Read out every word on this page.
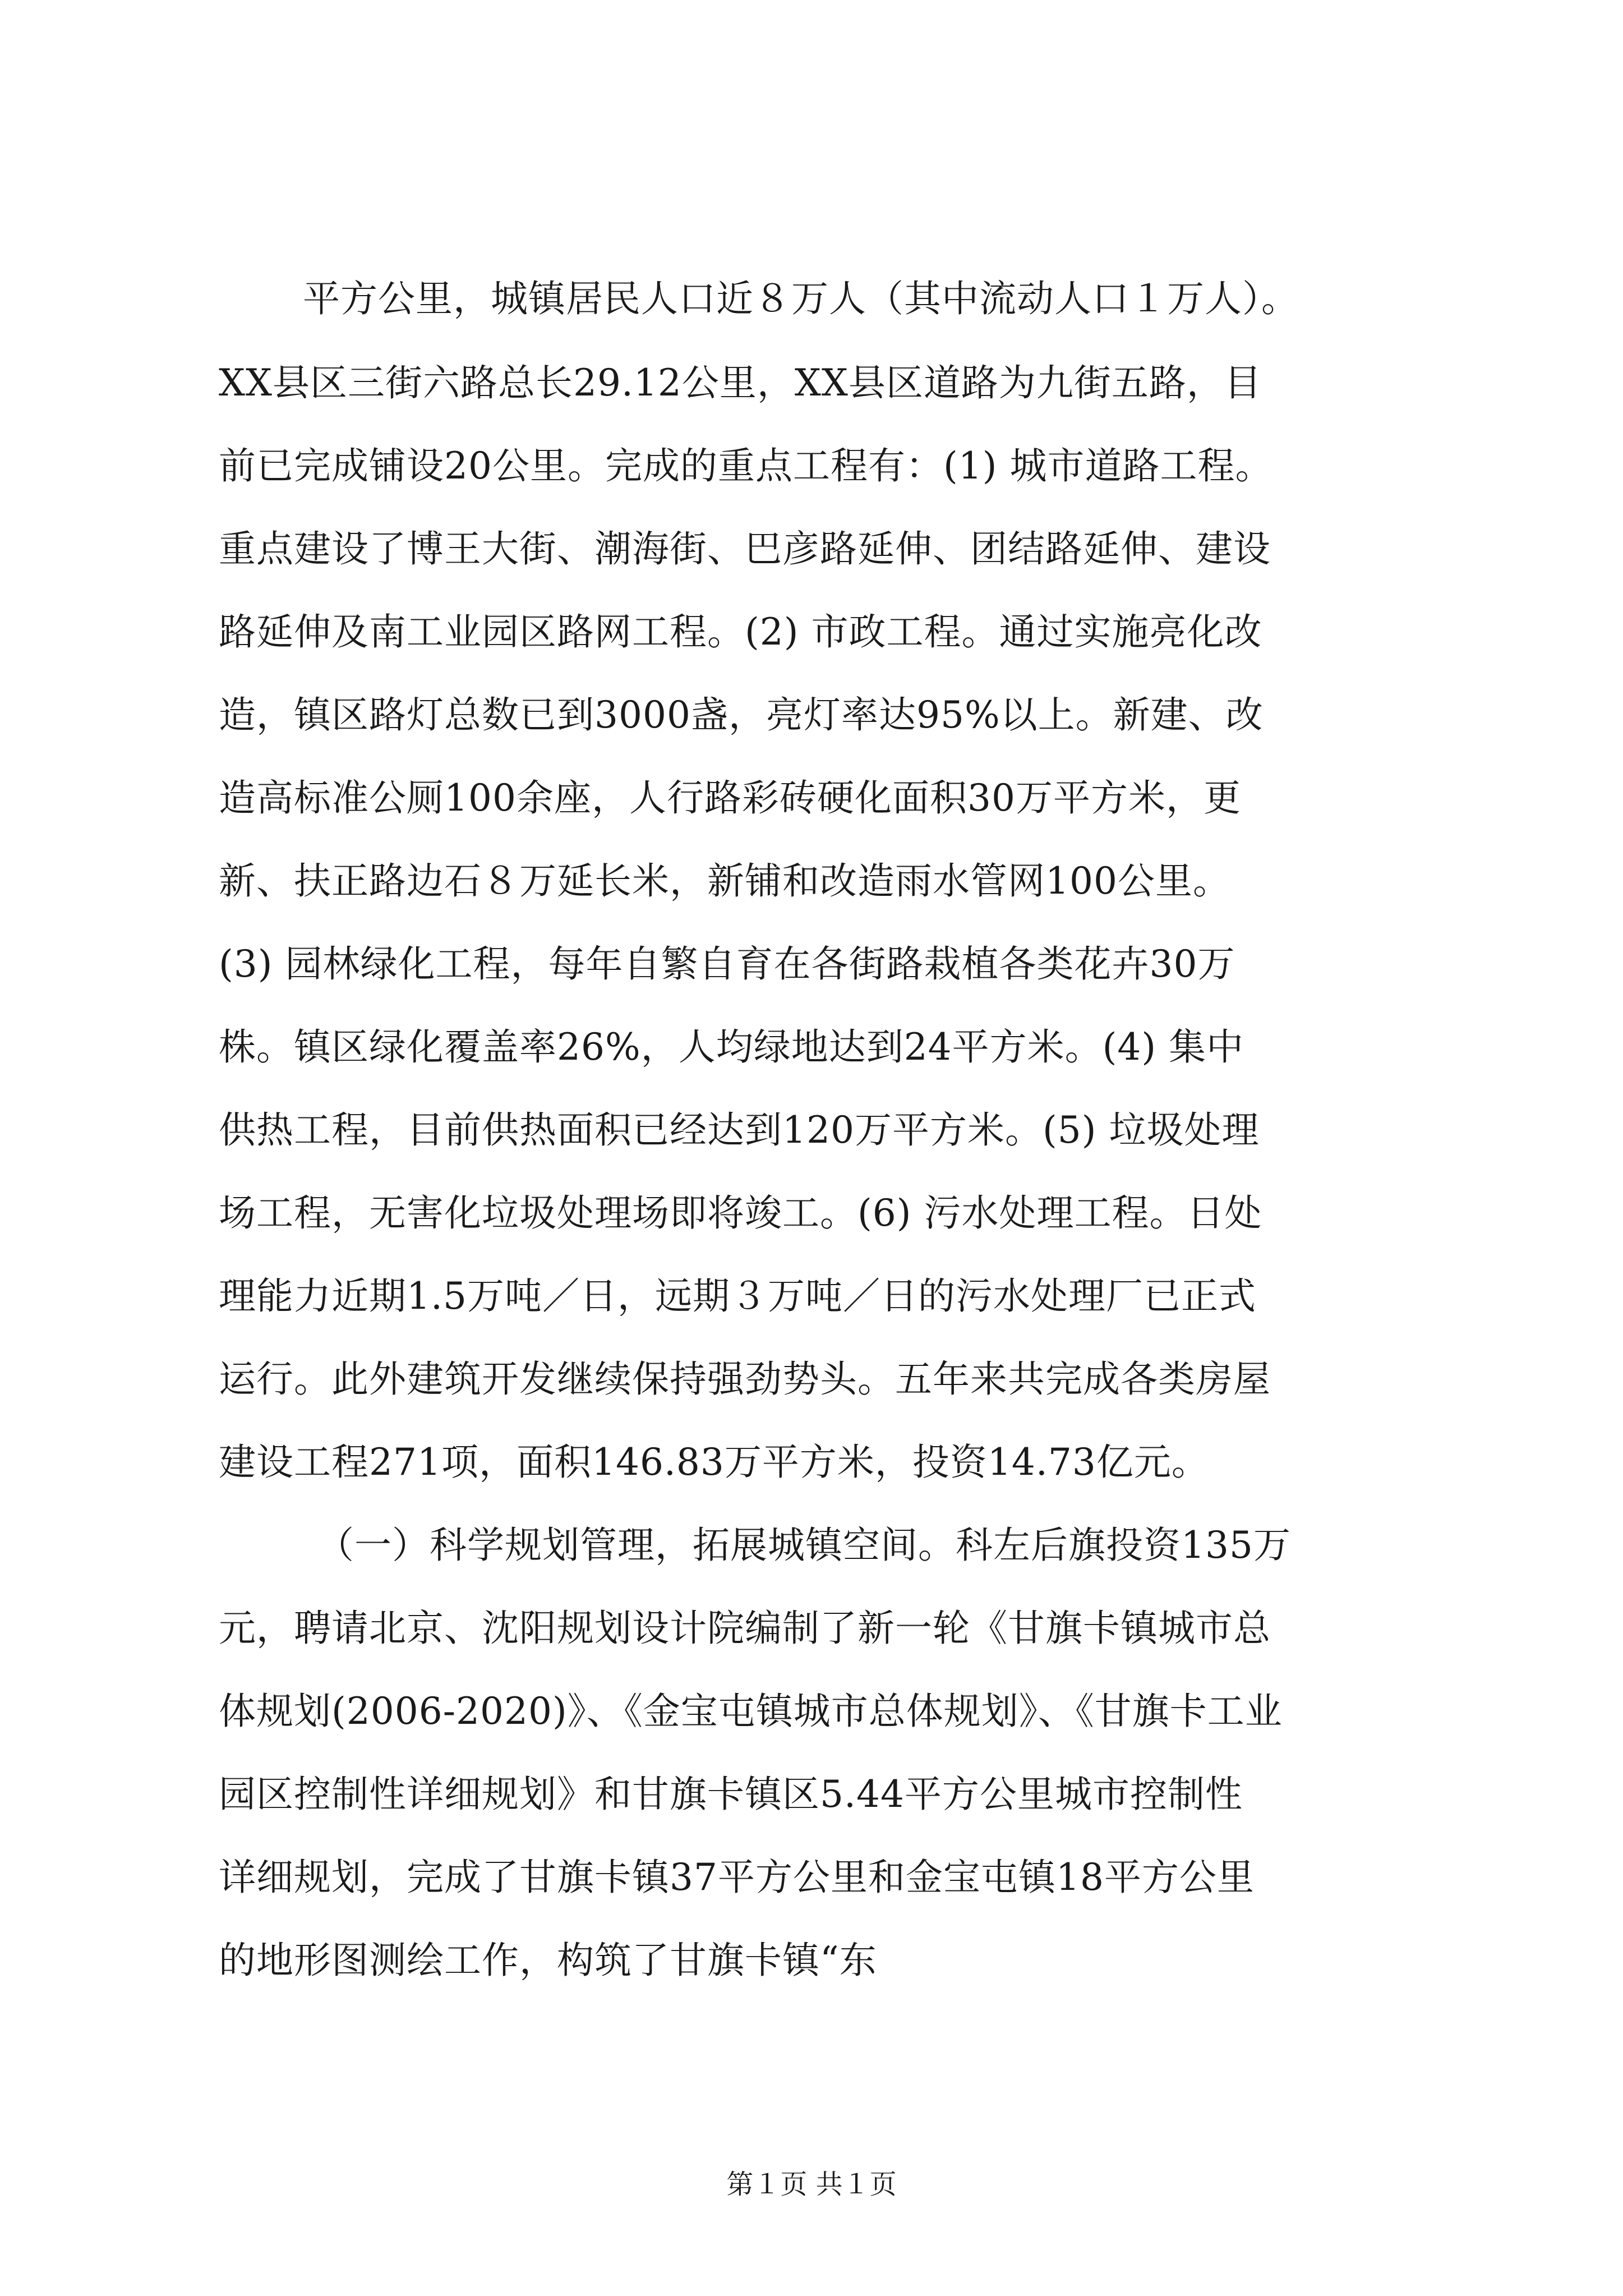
平方公里，城镇居民人口近８万人（其中流动人口１万人）。
XX县区三街六路总长29.12公里，XX县区道路为九街五路，目
前已完成铺设20公里。完成的重点工程有：(1) 城市道路工程。
重点建设了博王大街、潮海街、巴彦路延伸、团结路延伸、建设
路延伸及南工业园区路网工程。(2) 市政工程。通过实施亮化改
造，镇区路灯总数已到3000盏，亮灯率达95%以上。新建、改
造高标准公厕100余座，人行路彩砖硬化面积30万平方米，更
新、扶正路边石８万延长米，新铺和改造雨水管网100公里。
(3) 园林绿化工程，每年自繁自育在各街路栽植各类花卉30万
株。镇区绿化覆盖率26%，人均绿地达到24平方米。(4) 集中
供热工程，目前供热面积已经达到120万平方米。(5) 垃圾处理
场工程，无害化垃圾处理场即将竣工。(6) 污水处理工程。日处
理能力近期1.5万吨／日，远期３万吨／日的污水处理厂已正式
运行。此外建筑开发继续保持强劲势头。五年来共完成各类房屋
建设工程271项，面积146.83万平方米，投资14.73亿元。
（一）科学规划管理，拓展城镇空间。科左后旗投资135万
元，聘请北京、沈阳规划设计院编制了新一轮《甘旗卡镇城市总
体规划(2006-2020)》、《金宝屯镇城市总体规划》、《甘旗卡工业
园区控制性详细规划》和甘旗卡镇区5.44平方公里城市控制性
详细规划，完成了甘旗卡镇37平方公里和金宝屯镇18平方公里
的地形图测绘工作，构筑了甘旗卡镇“东
第１页 共１页
